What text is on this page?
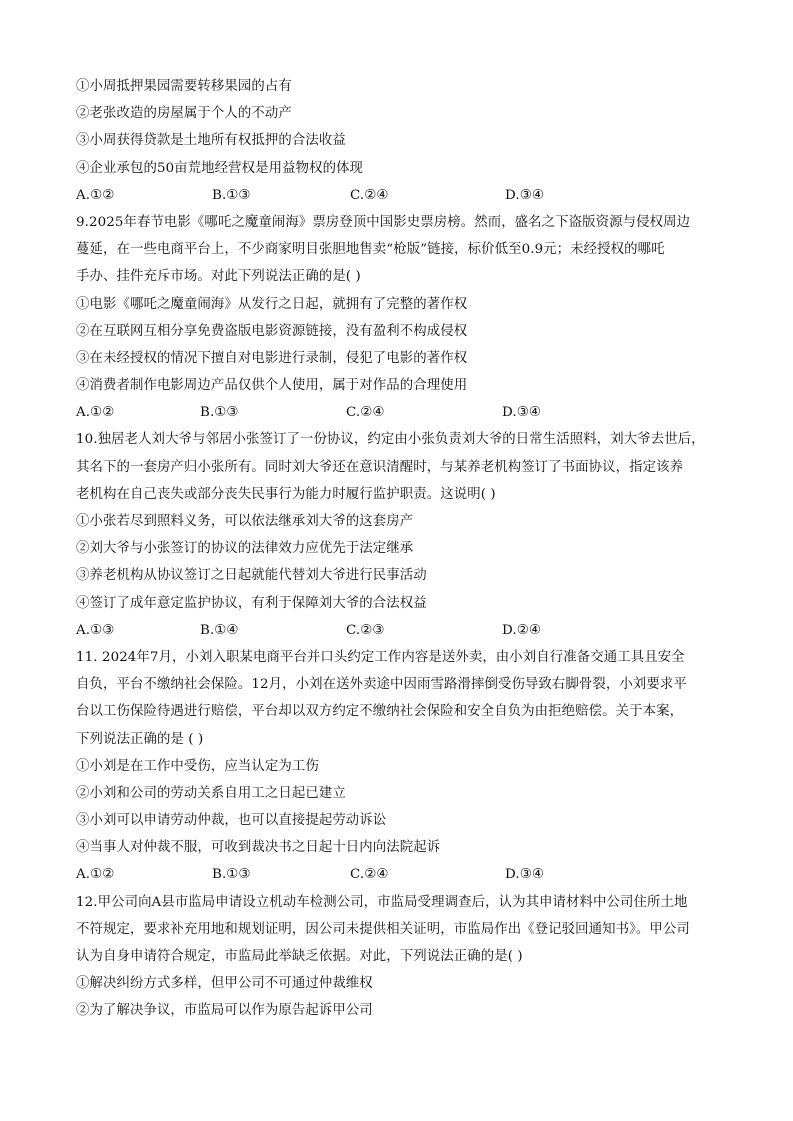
①小周抵押果园需要转移果园的占有
②老张改造的房屋属于个人的不动产
③小周获得贷款是土地所有权抵押的合法收益
④企业承包的50亩荒地经营权是用益物权的体现
A.①②	B.①③	C.②④	D.③④
9.2025年春节电影《哪吒之魔童闹海》票房登顶中国影史票房榜。然而，盛名之下盗版资源与侵权周边
蔓延，在一些电商平台上，不少商家明目张胆地售卖“枪版”链接，标价低至0.9元；未经授权的哪吒
手办、挂件充斥市场。对此下列说法正确的是( )
①电影《哪吒之魔童闹海》从发行之日起，就拥有了完整的著作权
②在互联网互相分享免费盗版电影资源链接，没有盈利不构成侵权
③在未经授权的情况下擅自对电影进行录制，侵犯了电影的著作权
④消费者制作电影周边产品仅供个人使用，属于对作品的合理使用
A.①②	B.①③	C.②④	D.③④
10.独居老人刘大爷与邻居小张签订了一份协议，约定由小张负责刘大爷的日常生活照料，刘大爷去世后，
其名下的一套房产归小张所有。同时刘大爷还在意识清醒时，与某养老机构签订了书面协议，指定该养
老机构在自己丧失或部分丧失民事行为能力时履行监护职责。这说明( )
①小张若尽到照料义务，可以依法继承刘大爷的这套房产
②刘大爷与小张签订的协议的法律效力应优先于法定继承
③养老机构从协议签订之日起就能代替刘大爷进行民事活动
④签订了成年意定监护协议，有利于保障刘大爷的合法权益
A.①③	B.①④	C.②③	D.②④
11. 2024年7月，小刘入职某电商平台并口头约定工作内容是送外卖，由小刘自行准备交通工具且安全
自负，平台不缴纳社会保险。12月，小刘在送外卖途中因雨雪路滑摔倒受伤导致右脚骨裂，小刘要求平
台以工伤保险待遇进行赔偿，平台却以双方约定不缴纳社会保险和安全自负为由拒绝赔偿。关于本案，
下列说法正确的是 ( )
①小刘是在工作中受伤，应当认定为工伤
②小刘和公司的劳动关系自用工之日起已建立
③小刘可以申请劳动仲裁，也可以直接提起劳动诉讼
④当事人对仲裁不服，可收到裁决书之日起十日内向法院起诉
A.①②	B.①③	C.②④	D.③④
12.甲公司向A县市监局申请设立机动车检测公司，市监局受理调查后，认为其申请材料中公司住所土地
不符规定，要求补充用地和规划证明，因公司未提供相关证明，市监局作出《登记驳回通知书》。甲公司
认为自身申请符合规定，市监局此举缺乏依据。对此，下列说法正确的是( )
①解决纠纷方式多样，但甲公司不可通过仲裁维权
②为了解决争议，市监局可以作为原告起诉甲公司
